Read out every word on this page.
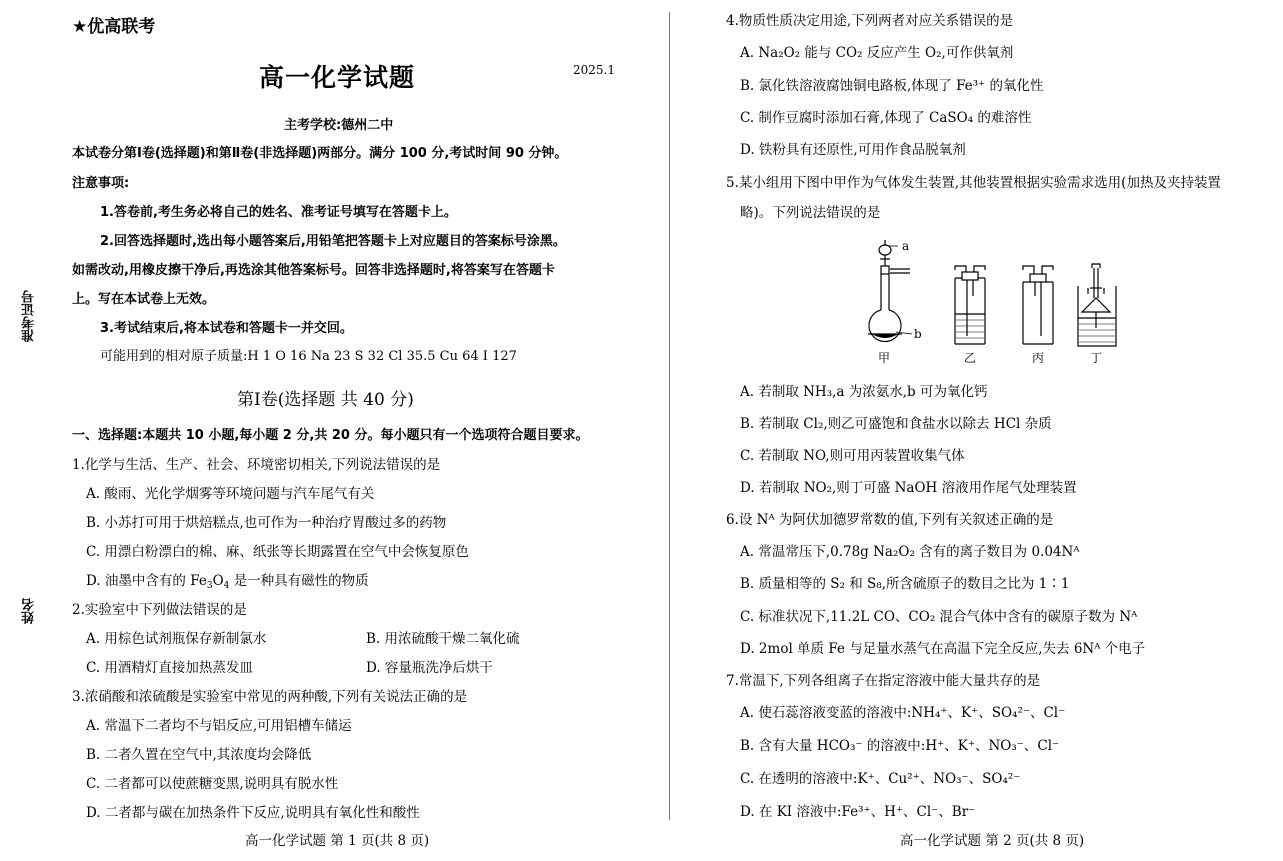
★优高联考
高一化学试题	2025.1
主考学校:德州二中
准考证号
姓名
本试卷分第Ⅰ卷(选择题)和第Ⅱ卷(非选择题)两部分。满分 100 分,考试时间 90 分钟。
注意事项:
1.答卷前,考生务必将自己的姓名、准考证号填写在答题卡上。
2.回答选择题时,选出每小题答案后,用铅笔把答题卡上对应题目的答案标号涂黑。
如需改动,用橡皮擦干净后,再选涂其他答案标号。回答非选择题时,将答案写在答题卡
上。写在本试卷上无效。
3.考试结束后,将本试卷和答题卡一并交回。
可能用到的相对原子质量:H 1 O 16 Na 23 S 32 Cl 35.5 Cu 64 I 127
第Ⅰ卷(选择题 共 40 分)
一、选择题:本题共 10 小题,每小题 2 分,共 20 分。每小题只有一个选项符合题目要求。
1.化学与生活、生产、社会、环境密切相关,下列说法错误的是
A. 酸雨、光化学烟雾等环境问题与汽车尾气有关
B. 小苏打可用于烘焙糕点,也可作为一种治疗胃酸过多的药物
C. 用漂白粉漂白的棉、麻、纸张等长期露置在空气中会恢复原色
D. 油墨中含有的 $Fe_3O_4$ 是一种具有磁性的物质
2.实验室中下列做法错误的是
A. 用棕色试剂瓶保存新制氯水	B. 用浓硫酸干燥二氧化硫
C. 用酒精灯直接加热蒸发皿	D. 容量瓶洗净后烘干
3.浓硝酸和浓硫酸是实验室中常见的两种酸,下列有关说法正确的是
A. 常温下二者均不与铝反应,可用铝槽车储运
B. 二者久置在空气中,其浓度均会降低
C. 二者都可以使蔗糖变黑,说明具有脱水性
D. 二者都与碳在加热条件下反应,说明具有氧化性和酸性
高一化学试题 第 1 页(共 8 页)
4.物质性质决定用途,下列两者对应关系错误的是
A. Na₂O₂ 能与 CO₂ 反应产生 O₂,可作供氧剂
B. 氯化铁溶液腐蚀铜电路板,体现了 Fe³⁺ 的氧化性
C. 制作豆腐时添加石膏,体现了 CaSO₄ 的难溶性
D. 铁粉具有还原性,可用作食品脱氧剂
5.某小组用下图中甲作为气体发生装置,其他装置根据实验需求选用(加热及夹持装置
略)。下列说法错误的是
a
b
甲	乙	丙	丁
A. 若制取 NH₃,a 为浓氨水,b 可为氧化钙
B. 若制取 Cl₂,则乙可盛饱和食盐水以除去 HCl 杂质
C. 若制取 NO,则可用丙装置收集气体
D. 若制取 NO₂,则丁可盛 NaOH 溶液用作尾气处理装置
6.设 Nᴬ 为阿伏加德罗常数的值,下列有关叙述正确的是
A. 常温常压下,0.78g Na₂O₂ 含有的离子数目为 0.04Nᴬ
B. 质量相等的 S₂ 和 S₈,所含硫原子的数目之比为 1∶1
C. 标准状况下,11.2L CO、CO₂ 混合气体中含有的碳原子数为 Nᴬ
D. 2mol 单质 Fe 与足量水蒸气在高温下完全反应,失去 6Nᴬ 个电子
7.常温下,下列各组离子在指定溶液中能大量共存的是
A. 使石蕊溶液变蓝的溶液中:NH₄⁺、K⁺、SO₄²⁻、Cl⁻
B. 含有大量 HCO₃⁻ 的溶液中:H⁺、K⁺、NO₃⁻、Cl⁻
C. 在透明的溶液中:K⁺、Cu²⁺、NO₃⁻、SO₄²⁻
D. 在 KI 溶液中:Fe³⁺、H⁺、Cl⁻、Br⁻
高一化学试题 第 2 页(共 8 页)
